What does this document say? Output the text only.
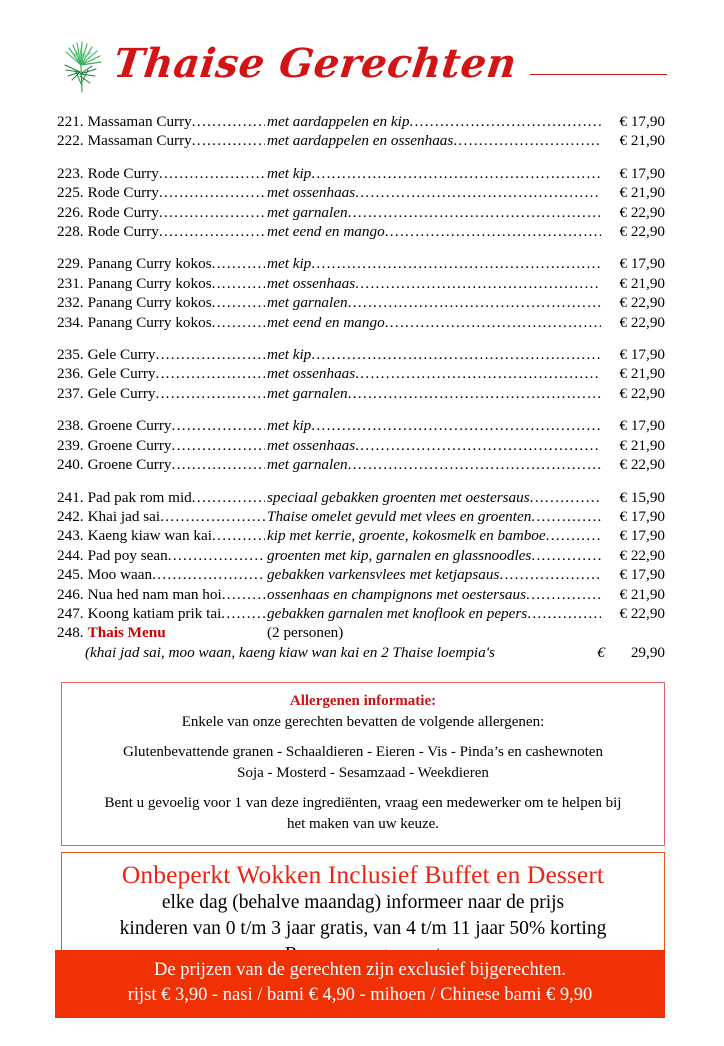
Thaise Gerechten
221. Massaman Curry .....	met aardappelen en kip .....	€ 17,90
222. Massaman Curry .....	met aardappelen en ossenhaas .....	€ 21,90
223. Rode Curry .....	met kip .....	€ 17,90
225. Rode Curry .....	met ossenhaas .....	€ 21,90
226. Rode Curry .....	met garnalen .....	€ 22,90
228. Rode Curry .....	met eend en mango .....	€ 22,90
229. Panang Curry kokos .....	met kip .....	€ 17,90
231. Panang Curry kokos .....	met ossenhaas .....	€ 21,90
232. Panang Curry kokos .....	met garnalen .....	€ 22,90
234. Panang Curry kokos .....	met eend en mango .....	€ 22,90
235. Gele Curry .....	met kip .....	€ 17,90
236. Gele Curry .....	met ossenhaas .....	€ 21,90
237. Gele Curry .....	met garnalen .....	€ 22,90
238. Groene Curry .....	met kip .....	€ 17,90
239. Groene Curry .....	met ossenhaas .....	€ 21,90
240. Groene Curry .....	met garnalen .....	€ 22,90
241. Pad pak rom mid .....	speciaal gebakken groenten met oestersaus .....	€ 15,90
242. Khai jad sai .....	Thaise omelet gevuld met vlees en groenten .....	€ 17,90
243. Kaeng kiaw wan kai .....	kip met kerrie, groente, kokosmelk en bamboe .....	€ 17,90
244. Pad poy sean .....	groenten met kip, garnalen en glassnoodles .....	€ 22,90
245. Moo waan .....	gebakken varkensvlees met ketjapsaus .....	€ 17,90
246. Nua hed nam man hoi .....	ossenhaas en champignons met oestersaus .....	€ 21,90
247. Koong katiam prik tai .....	gebakken garnalen met knoflook en pepers .....	€ 22,90
248. Thais Menu	(2 personen)
(khai jad sai, moo waan, kaeng kiaw wan kai en 2 Thaise loempia's	€	29,90
Allergenen informatie:
Enkele van onze gerechten bevatten de volgende allergenen:
Glutenbevattende granen - Schaaldieren - Eieren - Vis - Pinda’s en cashewnoten
Soja - Mosterd - Sesamzaad - Weekdieren
Bent u gevoelig voor 1 van deze ingrediënten, vraag een medewerker om te helpen bij
het maken van uw keuze.
Onbeperkt Wokken Inclusief Buffet en Dessert
elke dag (behalve maandag) informeer naar de prijs
kinderen van 0 t/m 3 jaar gratis, van 4 t/m 11 jaar 50% korting
De prijzen van de gerechten zijn exclusief bijgerechten.
rijst € 3,90 - nasi / bami € 4,90 - mihoen / Chinese bami € 9,90
